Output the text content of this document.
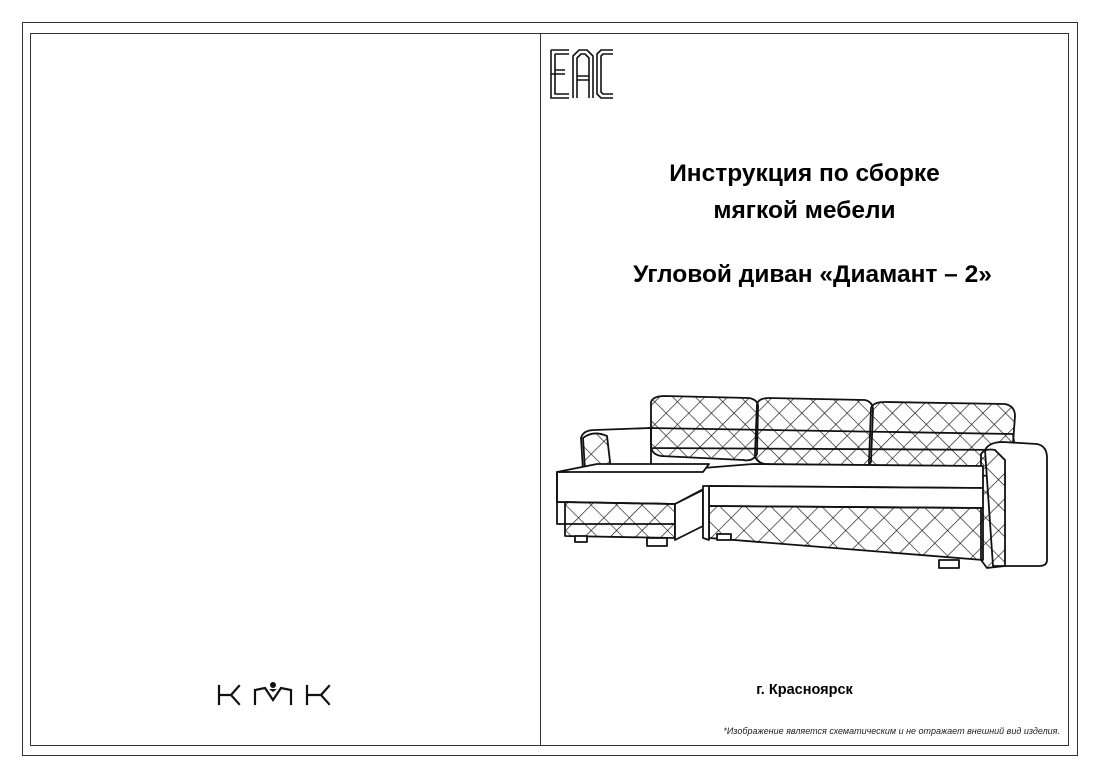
Инструкция по сборке
мягкой мебели
Угловой диван «Диамант – 2»
г. Красноярск
*Изображение является схематическим и не отражает внешний вид изделия.
